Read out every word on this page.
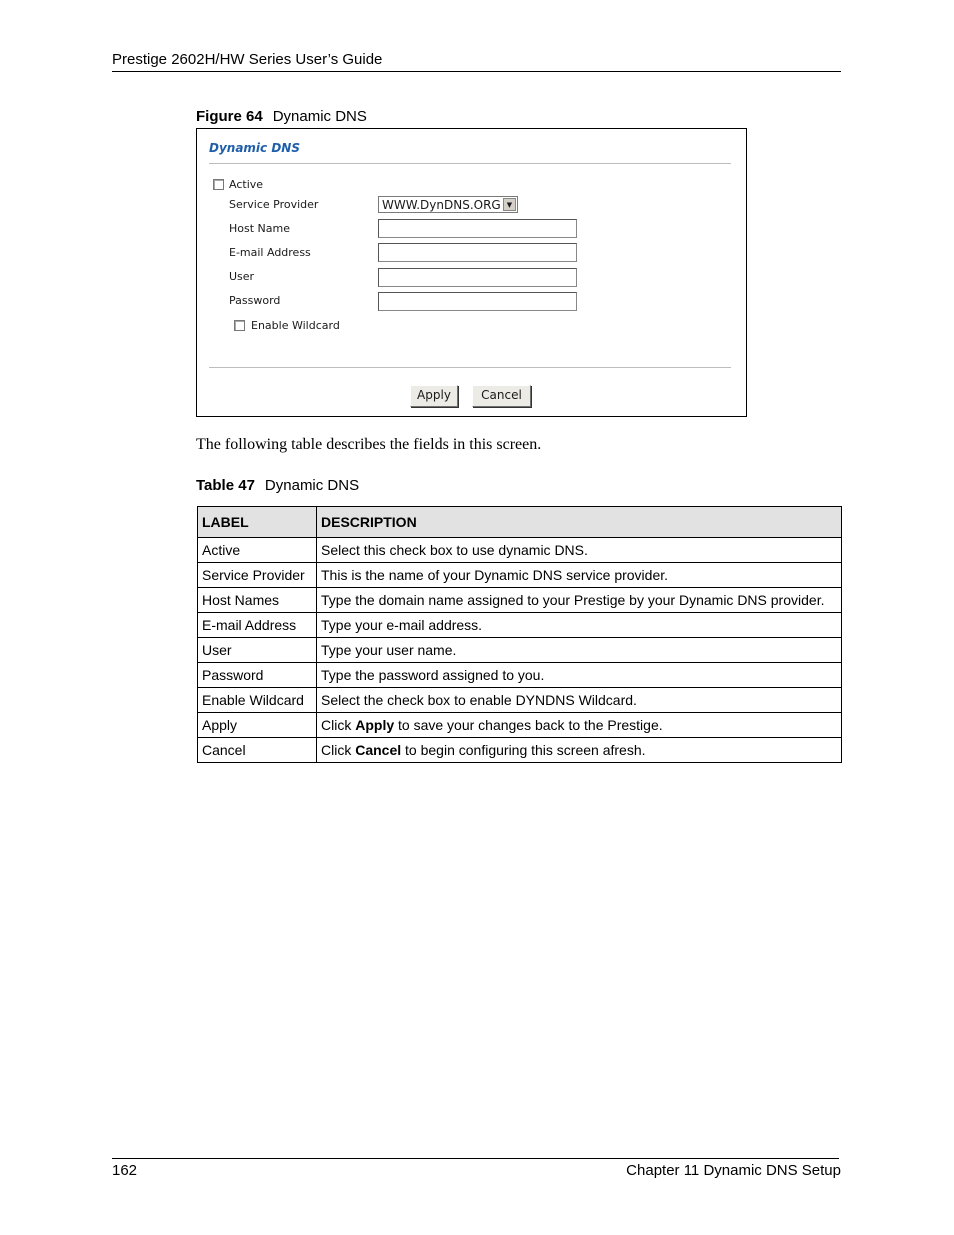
Prestige 2602H/HW Series User’s Guide
Figure 64 Dynamic DNS
Dynamic DNS
Active
Service Provider	WWW.DynDNS.ORG ▼
Host Name
E-mail Address
User
Password
Enable Wildcard
Apply	Cancel
The following table describes the fields in this screen.
Table 47 Dynamic DNS
LABEL	DESCRIPTION
Active	Select this check box to use dynamic DNS.
Service Provider	This is the name of your Dynamic DNS service provider.
Host Names	Type the domain name assigned to your Prestige by your Dynamic DNS provider.
E-mail Address	Type your e-mail address.
User	Type your user name.
Password	Type the password assigned to you.
Enable Wildcard	Select the check box to enable DYNDNS Wildcard.
Apply	Click Apply to save your changes back to the Prestige.
Cancel	Click Cancel to begin configuring this screen afresh.
162	Chapter 11 Dynamic DNS Setup
